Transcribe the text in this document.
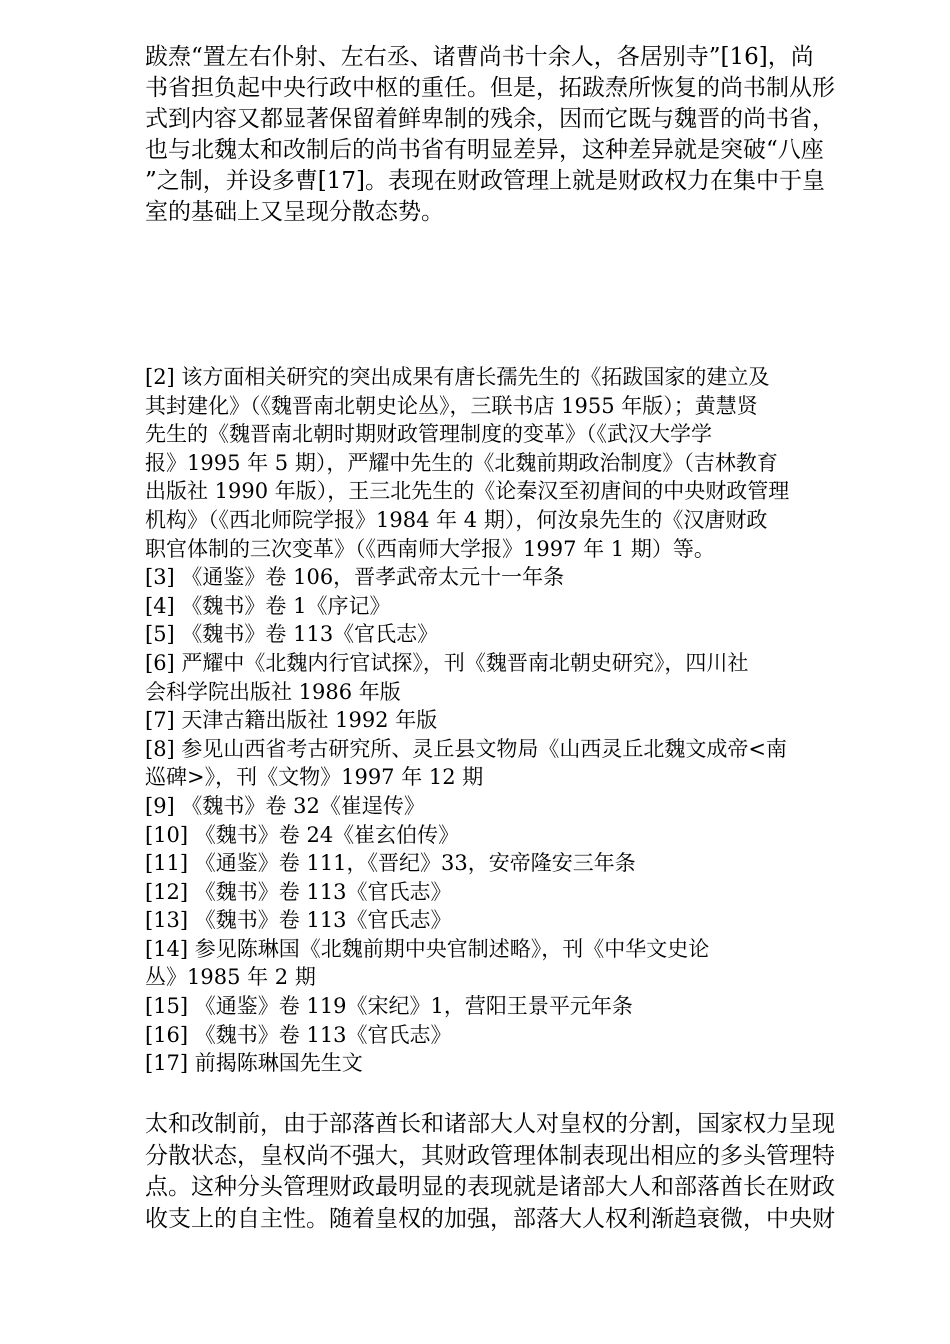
跋焘“置左右仆射、左右丞、诸曹尚书十余人，各居别寺”[16]，尚
书省担负起中央行政中枢的重任。但是，拓跋焘所恢复的尚书制从形
式到内容又都显著保留着鲜卑制的残余，因而它既与魏晋的尚书省，
也与北魏太和改制后的尚书省有明显差异，这种差异就是突破“八座
”之制，并设多曹[17]。表现在财政管理上就是财政权力在集中于皇
室的基础上又呈现分散态势。

[2] 该方面相关研究的突出成果有唐长孺先生的《拓跋国家的建立及
其封建化》（《魏晋南北朝史论丛》，三联书店 1955 年版）；黄慧贤
先生的《魏晋南北朝时期财政管理制度的变革》（《武汉大学学
报》1995 年 5 期），严耀中先生的《北魏前期政治制度》（吉林教育
出版社 1990 年版），王三北先生的《论秦汉至初唐间的中央财政管理
机构》（《西北师院学报》1984 年 4 期），何汝泉先生的《汉唐财政
职官体制的三次变革》（《西南师大学报》1997 年 1 期）等。
[3] 《通鉴》卷 106，晋孝武帝太元十一年条
[4] 《魏书》卷 1《序记》
[5] 《魏书》卷 113《官氏志》
[6] 严耀中《北魏内行官试探》，刊《魏晋南北朝史研究》，四川社
会科学院出版社 1986 年版
[7] 天津古籍出版社 1992 年版
[8] 参见山西省考古研究所、灵丘县文物局《山西灵丘北魏文成帝<南
巡碑>》，刊《文物》1997 年 12 期
[9] 《魏书》卷 32《崔逞传》
[10] 《魏书》卷 24《崔玄伯传》
[11] 《通鉴》卷 111，《晋纪》33，安帝隆安三年条
[12] 《魏书》卷 113《官氏志》
[13] 《魏书》卷 113《官氏志》
[14] 参见陈琳国《北魏前期中央官制述略》，刊《中华文史论
丛》1985 年 2 期
[15] 《通鉴》卷 119《宋纪》1，营阳王景平元年条
[16] 《魏书》卷 113《官氏志》
[17] 前揭陈琳国先生文

太和改制前，由于部落酋长和诸部大人对皇权的分割，国家权力呈现
分散状态，皇权尚不强大，其财政管理体制表现出相应的多头管理特
点。这种分头管理财政最明显的表现就是诸部大人和部落酋长在财政
收支上的自主性。随着皇权的加强，部落大人权利渐趋衰微，中央财
